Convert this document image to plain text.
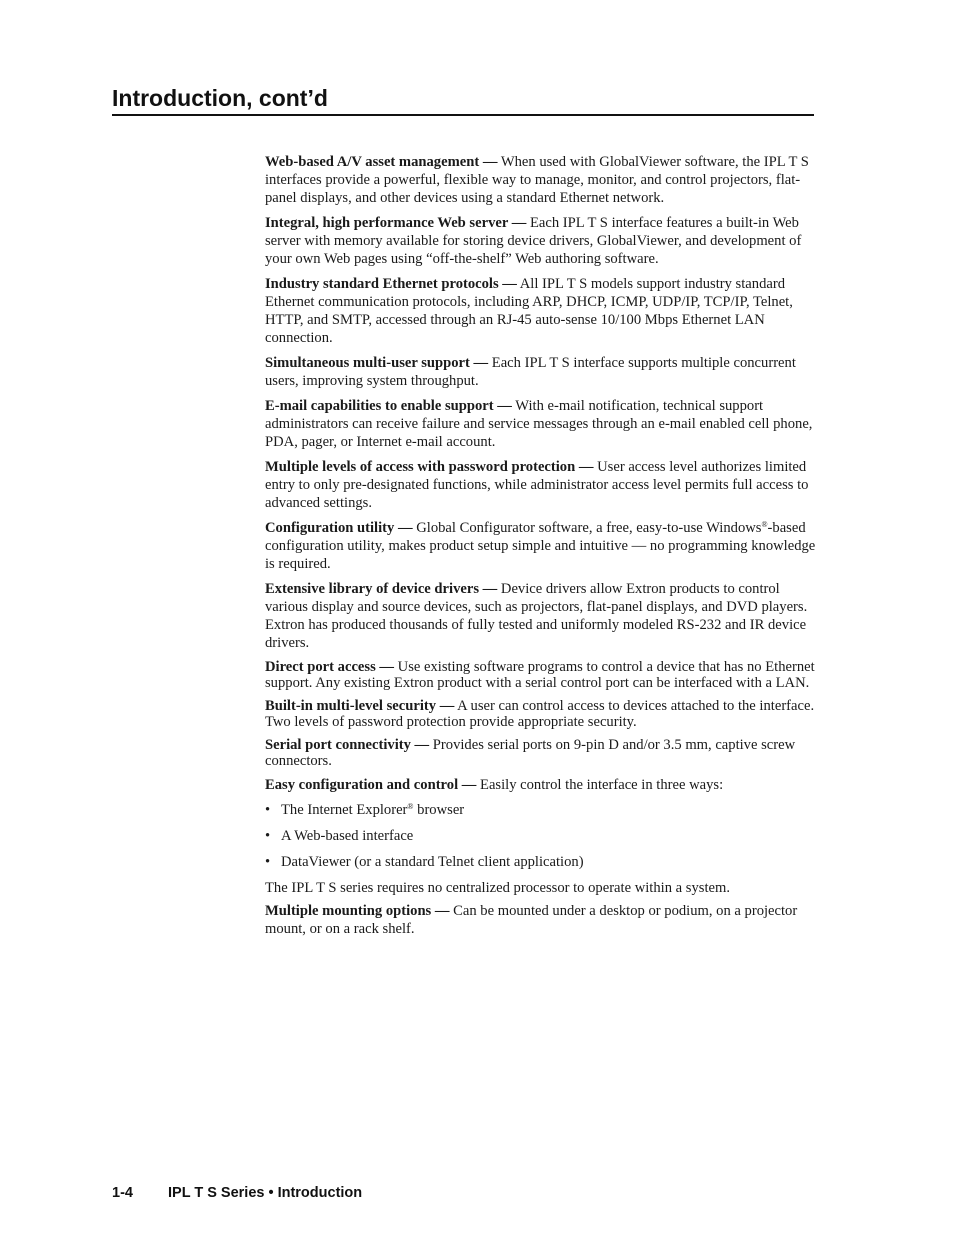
Introduction, cont’d

Web-based A/V asset management — When used with GlobalViewer software, the IPL T S interfaces provide a powerful, flexible way to manage, monitor, and control projectors, flat-panel displays, and other devices using a standard Ethernet network.

Integral, high performance Web server — Each IPL T S interface features a built-in Web server with memory available for storing device drivers, GlobalViewer, and development of your own Web pages using “off-the-shelf” Web authoring software.

Industry standard Ethernet protocols — All IPL T S models support industry standard Ethernet communication protocols, including ARP, DHCP, ICMP, UDP/IP, TCP/IP, Telnet, HTTP, and SMTP, accessed through an RJ-45 auto-sense 10/100 Mbps Ethernet LAN connection.

Simultaneous multi-user support — Each IPL T S interface supports multiple concurrent users, improving system throughput.

E-mail capabilities to enable support — With e-mail notification, technical support administrators can receive failure and service messages through an e-mail enabled cell phone, PDA, pager, or Internet e-mail account.

Multiple levels of access with password protection — User access level authorizes limited entry to only pre-designated functions, while administrator access level permits full access to advanced settings.

Configuration utility — Global Configurator software, a free, easy-to-use Windows®-based configuration utility, makes product setup simple and intuitive — no programming knowledge is required.

Extensive library of device drivers — Device drivers allow Extron products to control various display and source devices, such as projectors, flat-panel displays, and DVD players. Extron has produced thousands of fully tested and uniformly modeled RS-232 and IR device drivers.

Direct port access — Use existing software programs to control a device that has no Ethernet support. Any existing Extron product with a serial control port can be interfaced with a LAN.

Built-in multi-level security — A user can control access to devices attached to the interface. Two levels of password protection provide appropriate security.

Serial port connectivity — Provides serial ports on 9-pin D and/or 3.5 mm, captive screw connectors.

Easy configuration and control — Easily control the interface in three ways:

• The Internet Explorer® browser
• A Web-based interface
• DataViewer (or a standard Telnet client application)

The IPL T S series requires no centralized processor to operate within a system.

Multiple mounting options — Can be mounted under a desktop or podium, on a projector mount, or on a rack shelf.

1-4 IPL T S Series • Introduction
